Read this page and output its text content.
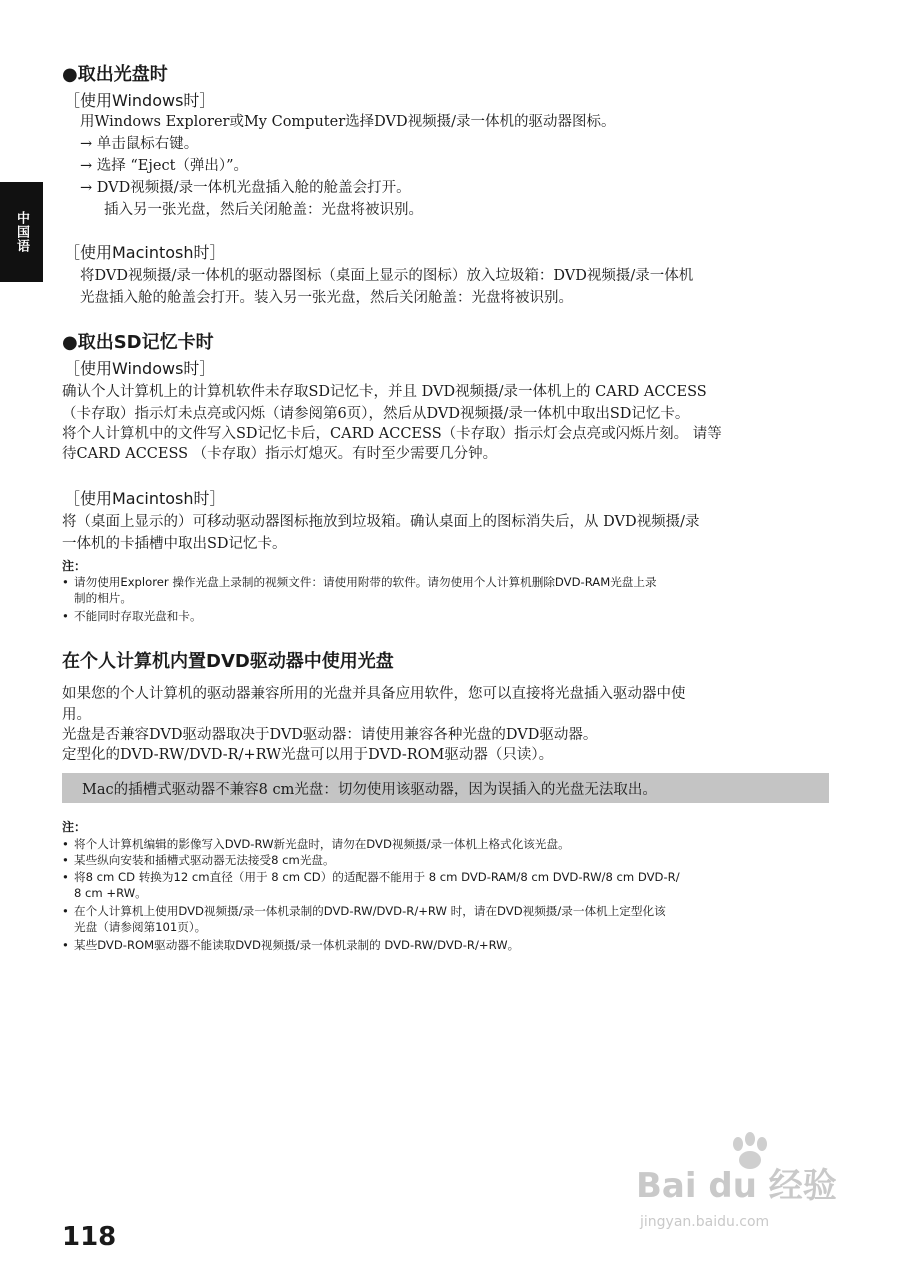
中国语
●取出光盘时
［使用Windows时］
用Windows Explorer或My Computer选择DVD视频摄/录一体机的驱动器图标。
→ 单击鼠标右键。
→ 选择 “Eject（弹出）”。
→ DVD视频摄/录一体机光盘插入舱的舱盖会打开。
插入另一张光盘，然后关闭舱盖：光盘将被识别。
［使用Macintosh时］
将DVD视频摄/录一体机的驱动器图标（桌面上显示的图标）放入垃圾箱：DVD视频摄/录一体机
光盘插入舱的舱盖会打开。装入另一张光盘，然后关闭舱盖：光盘将被识别。
●取出SD记忆卡时
［使用Windows时］
确认个人计算机上的计算机软件未存取SD记忆卡，并且 DVD视频摄/录一体机上的 CARD ACCESS
（卡存取）指示灯未点亮或闪烁（请参阅第6页），然后从DVD视频摄/录一体机中取出SD记忆卡。
将个人计算机中的文件写入SD记忆卡后，CARD ACCESS（卡存取）指示灯会点亮或闪烁片刻。 请等
待CARD ACCESS （卡存取）指示灯熄灭。有时至少需要几分钟。
［使用Macintosh时］
将（桌面上显示的）可移动驱动器图标拖放到垃圾箱。确认桌面上的图标消失后，从 DVD视频摄/录
一体机的卡插槽中取出SD记忆卡。
注：
• 请勿使用Explorer 操作光盘上录制的视频文件：请使用附带的软件。请勿使用个人计算机删除DVD-RAM光盘上录
制的相片。
• 不能同时存取光盘和卡。
在个人计算机内置DVD驱动器中使用光盘
如果您的个人计算机的驱动器兼容所用的光盘并具备应用软件，您可以直接将光盘插入驱动器中使
用。
光盘是否兼容DVD驱动器取决于DVD驱动器：请使用兼容各种光盘的DVD驱动器。
定型化的DVD-RW/DVD-R/+RW光盘可以用于DVD-ROM驱动器（只读）。
Mac的插槽式驱动器不兼容8 cm光盘：切勿使用该驱动器，因为误插入的光盘无法取出。
注：
• 将个人计算机编辑的影像写入DVD-RW新光盘时，请勿在DVD视频摄/录一体机上格式化该光盘。
• 某些纵向安装和插槽式驱动器无法接受8 cm光盘。
• 将8 cm CD 转换为12 cm直径（用于 8 cm CD）的适配器不能用于 8 cm DVD-RAM/8 cm DVD-RW/8 cm DVD-R/
8 cm +RW。
• 在个人计算机上使用DVD视频摄/录一体机录制的DVD-RW/DVD-R/+RW 时，请在DVD视频摄/录一体机上定型化该
光盘（请参阅第101页）。
• 某些DVD-ROM驱动器不能读取DVD视频摄/录一体机录制的 DVD-RW/DVD-R/+RW。
118
Bai du 经验
jingyan.baidu.com
